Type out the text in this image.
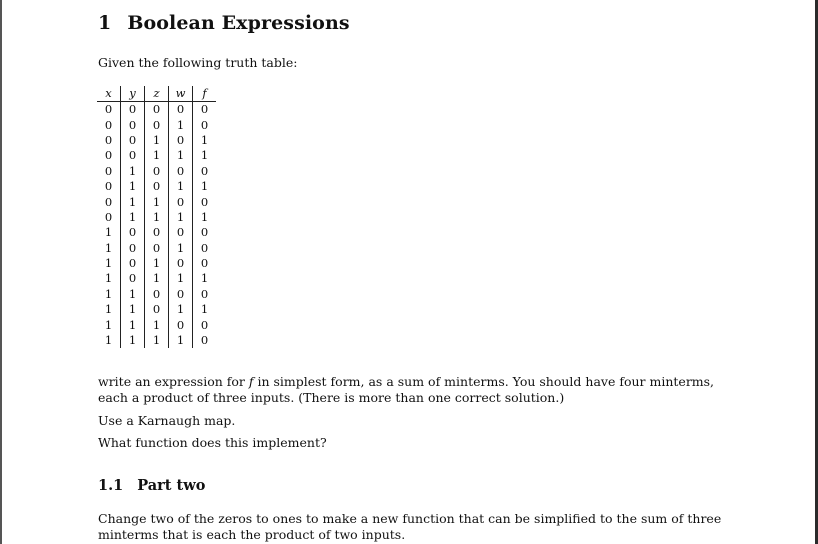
1 Boolean Expressions
Given the following truth table:
x	y	z	w	f
0	0	0	0	0
0	0	0	1	0
0	0	1	0	1
0	0	1	1	1
0	1	0	0	0
0	1	0	1	1
0	1	1	0	0
0	1	1	1	1
1	0	0	0	0
1	0	0	1	0
1	0	1	0	0
1	0	1	1	1
1	1	0	0	0
1	1	0	1	1
1	1	1	0	0
1	1	1	1	0
write an expression for f in simplest form, as a sum of minterms. You should have four minterms, each a product of three inputs. (There is more than one correct solution.)
Use a Karnaugh map.
What function does this implement?
1.1 Part two
Change two of the zeros to ones to make a new function that can be simplified to the sum of three minterms that is each the product of two inputs.
